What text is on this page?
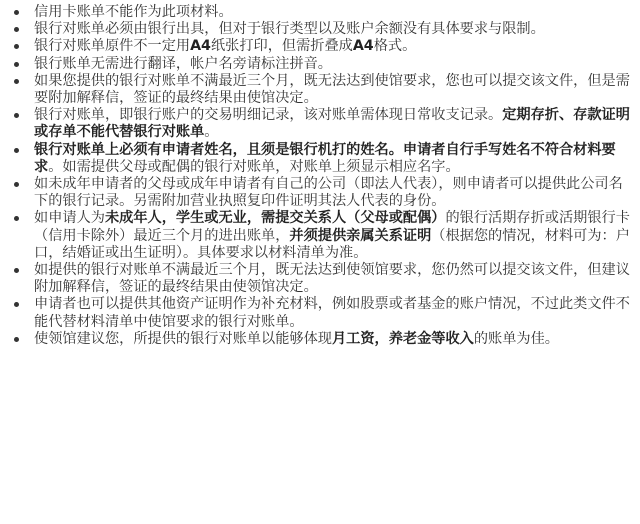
信用卡账单不能作为此项材料。
银行对账单必须由银行出具，但对于银行类型以及账户余额没有具体要求与限制。
银行对账单原件不一定用A4纸张打印，但需折叠成A4格式。
银行账单无需进行翻译，帐户名旁请标注拼音。
如果您提供的银行对账单不满最近三个月，既无法达到使馆要求，您也可以提交该文件，但是需要附加解释信，签证的最终结果由使馆决定。
银行对账单，即银行账户的交易明细记录，该对账单需体现日常收支记录。定期存折、存款证明或存单不能代替银行对账单。
银行对账单上必须有申请者姓名，且须是银行机打的姓名。申请者自行手写姓名不符合材料要求。如需提供父母或配偶的银行对账单，对账单上须显示相应名字。
如未成年申请者的父母或成年申请者有自己的公司（即法人代表），则申请者可以提供此公司名下的银行记录。另需附加营业执照复印件证明其法人代表的身份。
如申请人为未成年人，学生或无业，需提交关系人（父母或配偶）的银行活期存折或活期银行卡（信用卡除外）最近三个月的进出账单，并须提供亲属关系证明（根据您的情况，材料可为：户口，结婚证或出生证明）。具体要求以材料清单为准。
如提供的银行对账单不满最近三个月，既无法达到使领馆要求，您仍然可以提交该文件，但建议附加解释信，签证的最终结果由使领馆决定。
申请者也可以提供其他资产证明作为补充材料，例如股票或者基金的账户情况，不过此类文件不能代替材料清单中使馆要求的银行对账单。
使领馆建议您，所提供的银行对账单以能够体现月工资，养老金等收入的账单为佳。
